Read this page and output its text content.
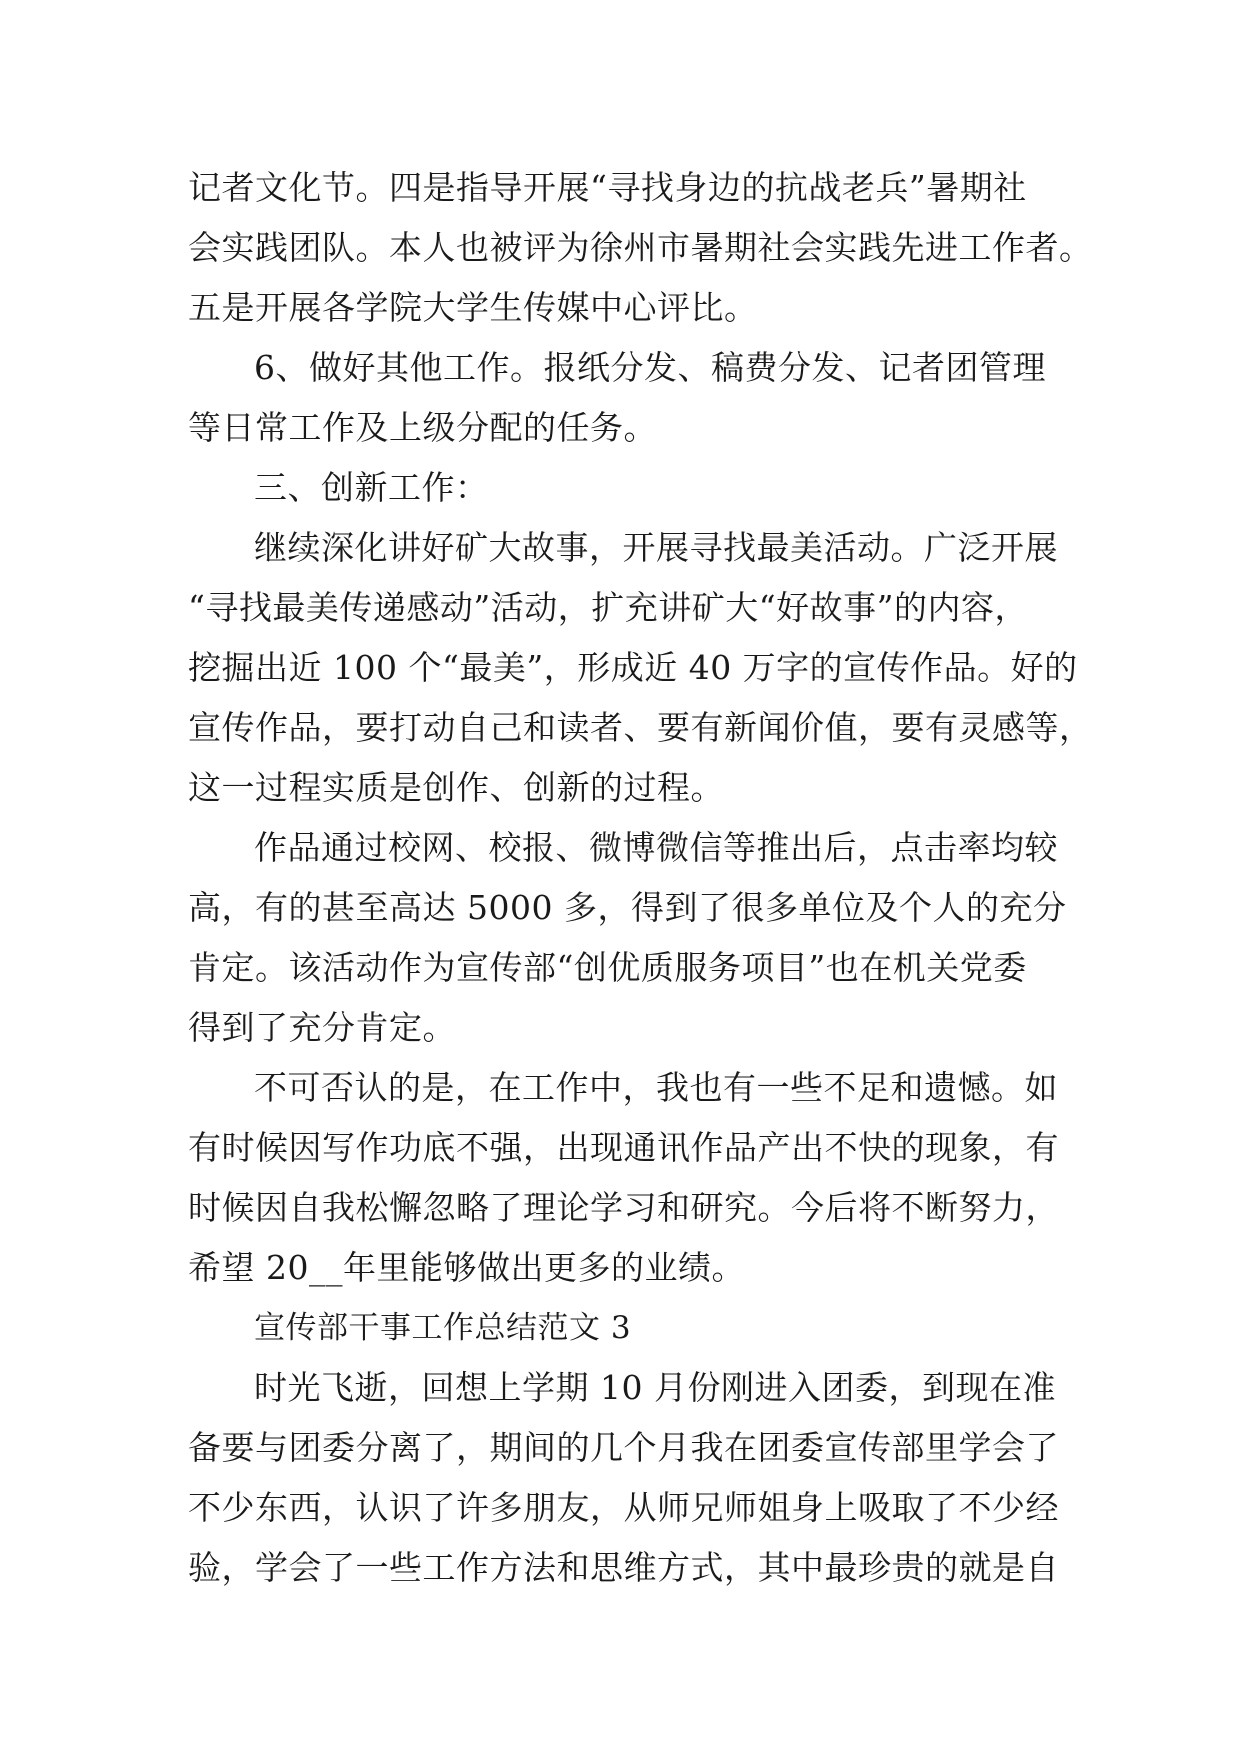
记者文化节。四是指导开展“寻找身边的抗战老兵”暑期社
会实践团队。本人也被评为徐州市暑期社会实践先进工作者。
五是开展各学院大学生传媒中心评比。
6、做好其他工作。报纸分发、稿费分发、记者团管理
等日常工作及上级分配的任务。
三、创新工作：
继续深化讲好矿大故事，开展寻找最美活动。广泛开展
“寻找最美传递感动”活动，扩充讲矿大“好故事”的内容，
挖掘出近 100 个“最美”，形成近 40 万字的宣传作品。好的
宣传作品，要打动自己和读者、要有新闻价值，要有灵感等，
这一过程实质是创作、创新的过程。
作品通过校网、校报、微博微信等推出后，点击率均较
高，有的甚至高达 5000 多，得到了很多单位及个人的充分
肯定。该活动作为宣传部“创优质服务项目”也在机关党委
得到了充分肯定。
不可否认的是，在工作中，我也有一些不足和遗憾。如
有时候因写作功底不强，出现通讯作品产出不快的现象，有
时候因自我松懈忽略了理论学习和研究。今后将不断努力，
希望 20__年里能够做出更多的业绩。
宣传部干事工作总结范文 3
时光飞逝，回想上学期 10 月份刚进入团委，到现在准
备要与团委分离了，期间的几个月我在团委宣传部里学会了
不少东西，认识了许多朋友，从师兄师姐身上吸取了不少经
验，学会了一些工作方法和思维方式，其中最珍贵的就是自
